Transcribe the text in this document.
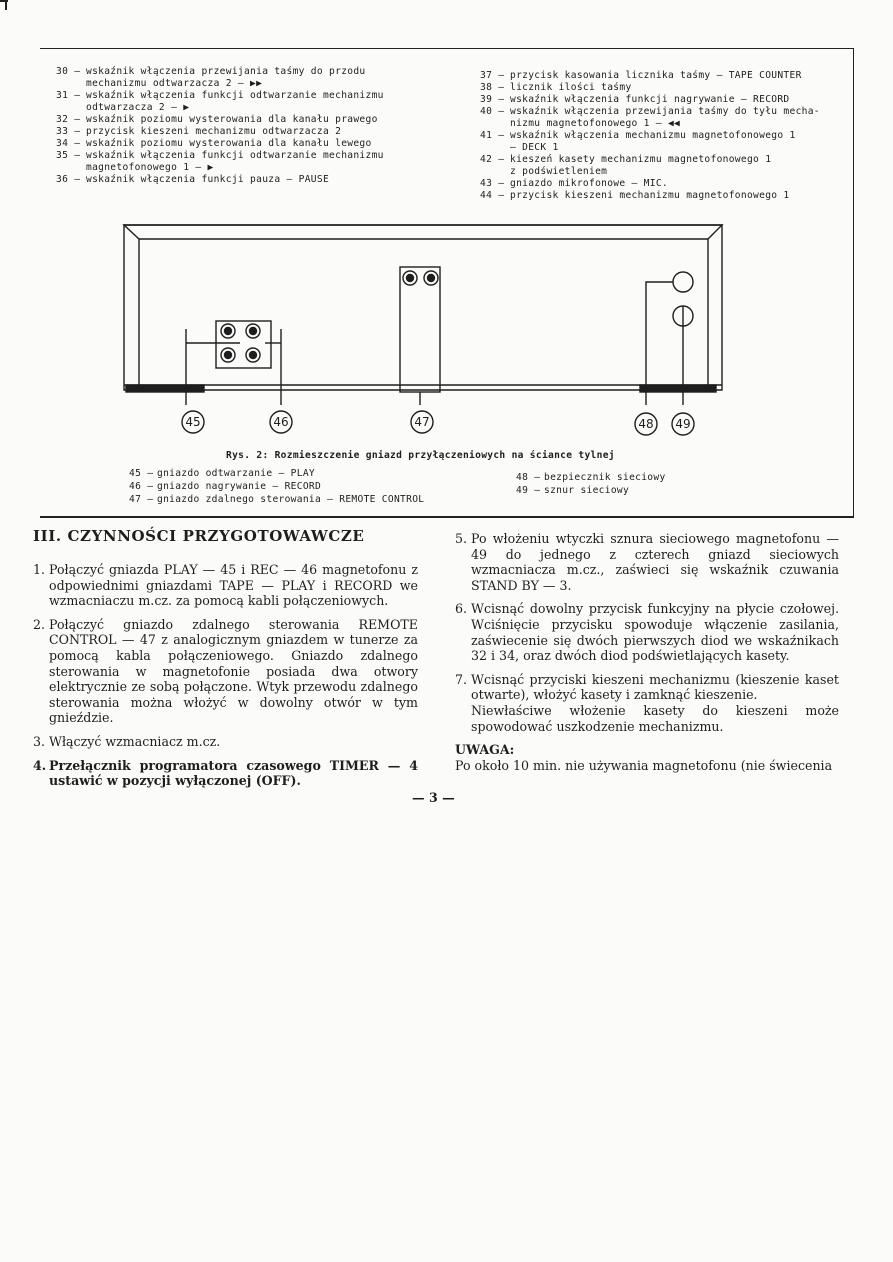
30 — wskaźnik włączenia przewijania taśmy do przodu
mechanizmu odtwarzacza 2 — ▶▶
31 — wskaźnik włączenia funkcji odtwarzanie mechanizmu
odtwarzacza 2 — ▶
32 — wskaźnik poziomu wysterowania dla kanału prawego
33 — przycisk kieszeni mechanizmu odtwarzacza 2
34 — wskaźnik poziomu wysterowania dla kanału lewego
35 — wskaźnik włączenia funkcji odtwarzanie mechanizmu
magnetofonowego 1 — ▶
36 — wskaźnik włączenia funkcji pauza — PAUSE
37 — przycisk kasowania licznika taśmy — TAPE COUNTER
38 — licznik ilości taśmy
39 — wskaźnik włączenia funkcji nagrywanie — RECORD
40 — wskaźnik włączenia przewijania taśmy do tyłu mecha-
nizmu magnetofonowego 1 — ◀◀
41 — wskaźnik włączenia mechanizmu magnetofonowego 1
— DECK 1
42 — kieszeń kasety mechanizmu magnetofonowego 1
z podświetleniem
43 — gniazdo mikrofonowe — MIC.
44 — przycisk kieszeni mechanizmu magnetofonowego 1
45	46	47	48 49
Rys. 2: Rozmieszczenie gniazd przyłączeniowych na ściance tylnej
45 — gniazdo odtwarzanie — PLAY
46 — gniazdo nagrywanie — RECORD
47 — gniazdo zdalnego sterowania — REMOTE CONTROL
48 — bezpiecznik sieciowy
49 — sznur sieciowy
III. CZYNNOŚCI PRZYGOTOWAWCZE
1. Połączyć gniazda PLAY — 45 i REC — 46 magnetofonu z odpowiednimi gniazdami TAPE — PLAY i RECORD we wzmacniaczu m.cz. za pomocą kabli połączeniowych.
2. Połączyć gniazdo zdalnego sterowania REMOTE CONTROL — 47 z analogicznym gniazdem w tunerze za pomocą kabla połączeniowego. Gniazdo zdalnego sterowania w magnetofonie posiada dwa otwory elektrycznie ze sobą połączone. Wtyk przewodu zdalnego sterowania można włożyć w dowolny otwór w tym gnieździe.
3. Włączyć wzmacniacz m.cz.
4. Przełącznik programatora czasowego TIMER — 4 ustawić w pozycji wyłączonej (OFF).
5. Po włożeniu wtyczki sznura sieciowego magnetofonu — 49 do jednego z czterech gniazd sieciowych wzmacniacza m.cz., zaświeci się wskaźnik czuwania STAND BY — 3.
6. Wcisnąć dowolny przycisk funkcyjny na płycie czołowej. Wciśnięcie przycisku spowoduje włączenie zasilania, zaświecenie się dwóch pierwszych diod we wskaźnikach 32 i 34, oraz dwóch diod podświetlających kasety.
7. Wcisnąć przyciski kieszeni mechanizmu (kieszenie kaset otwarte), włożyć kasety i zamknąć kieszenie.
Niewłaściwe włożenie kasety do kieszeni może spowodować uszkodzenie mechanizmu.
UWAGA:
Po około 10 min. nie używania magnetofonu (nie świecenia
— 3 —
